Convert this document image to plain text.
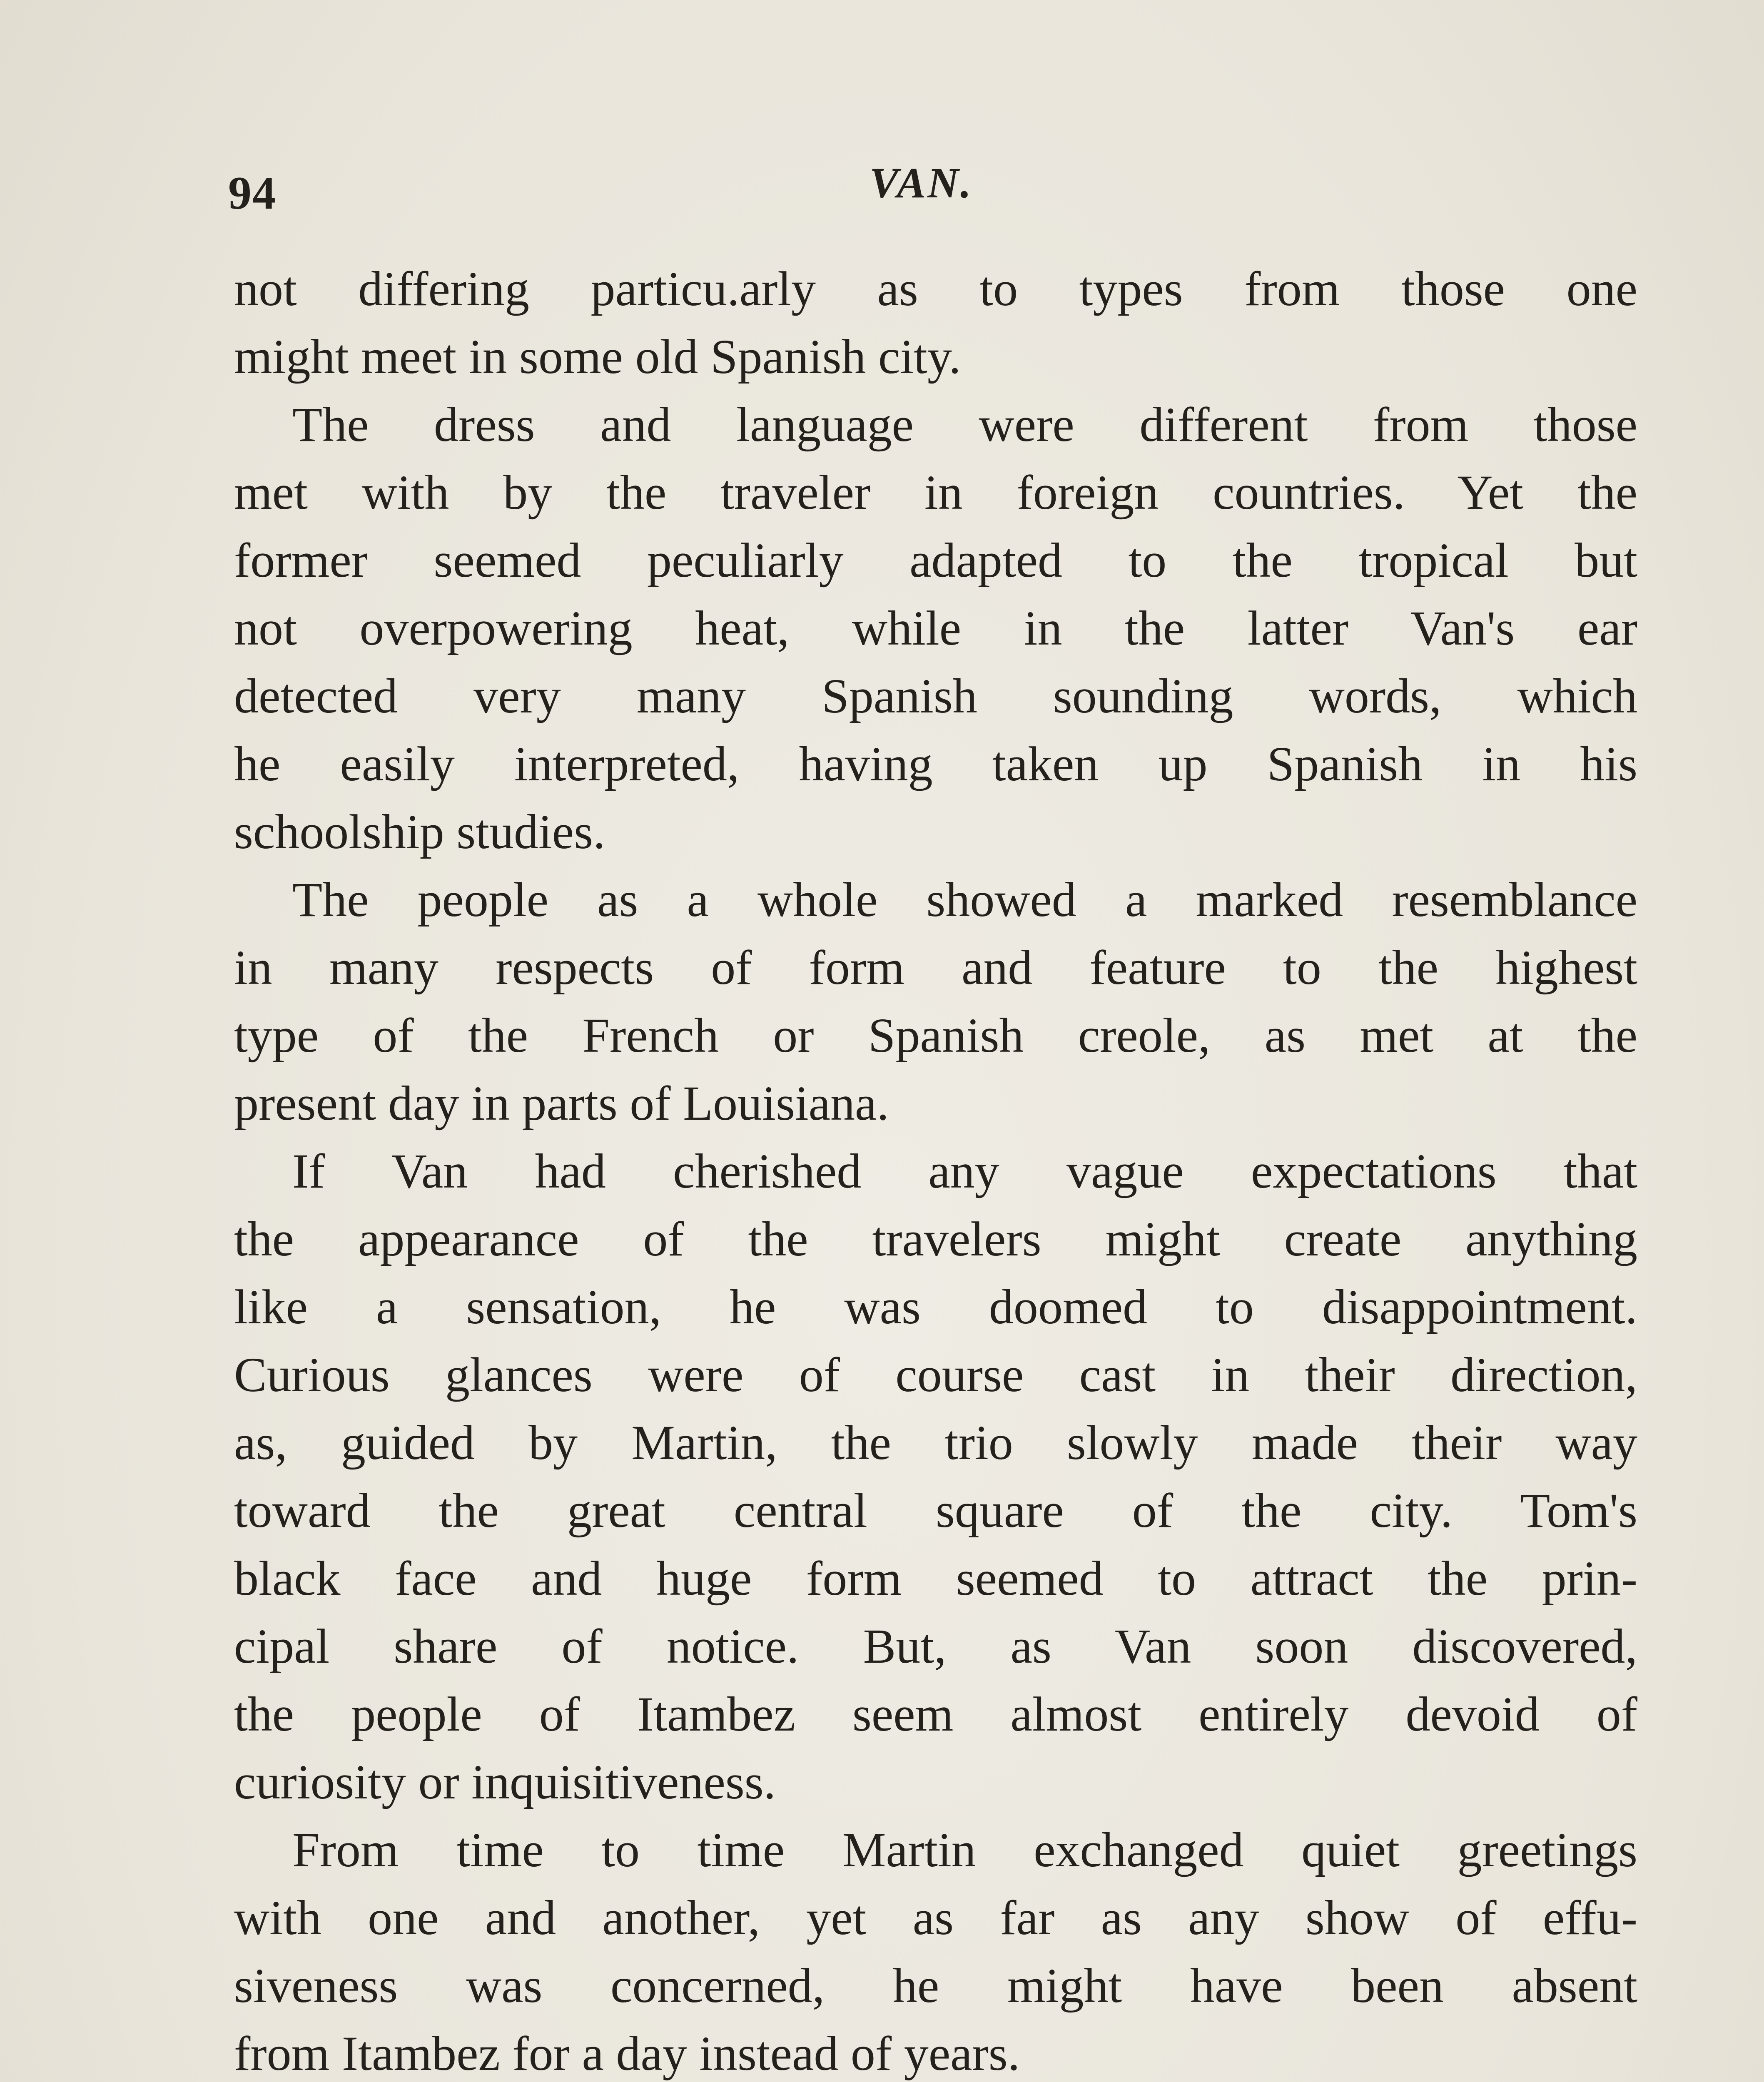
94	VAN.
not differing particu.arly as to types from those one
might meet in some old Spanish city.
The dress and language were different from those
met with by the traveler in foreign countries. Yet the
former seemed peculiarly adapted to the tropical but
not overpowering heat, while in the latter Van's ear
detected very many Spanish sounding words, which
he easily interpreted, having taken up Spanish in his
schoolship studies.
The people as a whole showed a marked resemblance
in many respects of form and feature to the highest
type of the French or Spanish creole, as met at the
present day in parts of Louisiana.
If Van had cherished any vague expectations that
the appearance of the travelers might create anything
like a sensation, he was doomed to disappointment.
Curious glances were of course cast in their direction,
as, guided by Martin, the trio slowly made their way
toward the great central square of the city. Tom's
black face and huge form seemed to attract the prin-
cipal share of notice. But, as Van soon discovered,
the people of Itambez seem almost entirely devoid of
curiosity or inquisitiveness.
From time to time Martin exchanged quiet greetings
with one and another, yet as far as any show of effu-
siveness was concerned, he might have been absent
from Itambez for a day instead of years.
